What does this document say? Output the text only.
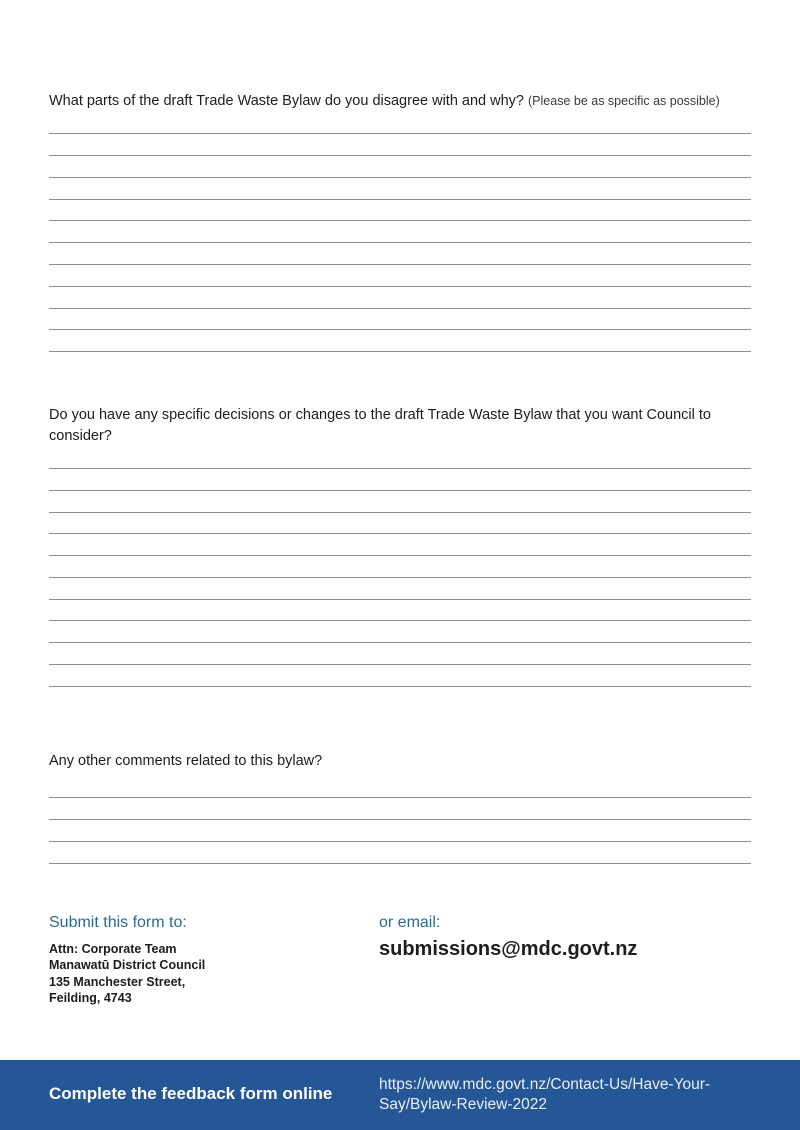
What parts of the draft Trade Waste Bylaw do you disagree with and why? (Please be as specific as possible)
Do you have any specific decisions or changes to the draft Trade Waste Bylaw that you want Council to consider?
Any other comments related to this bylaw?
Submit this form to:
Attn: Corporate Team
Manawatū District Council
135 Manchester Street,
Feilding, 4743
or email:
submissions@mdc.govt.nz
Complete the feedback form online	https://www.mdc.govt.nz/Contact-Us/Have-Your-Say/Bylaw-Review-2022
